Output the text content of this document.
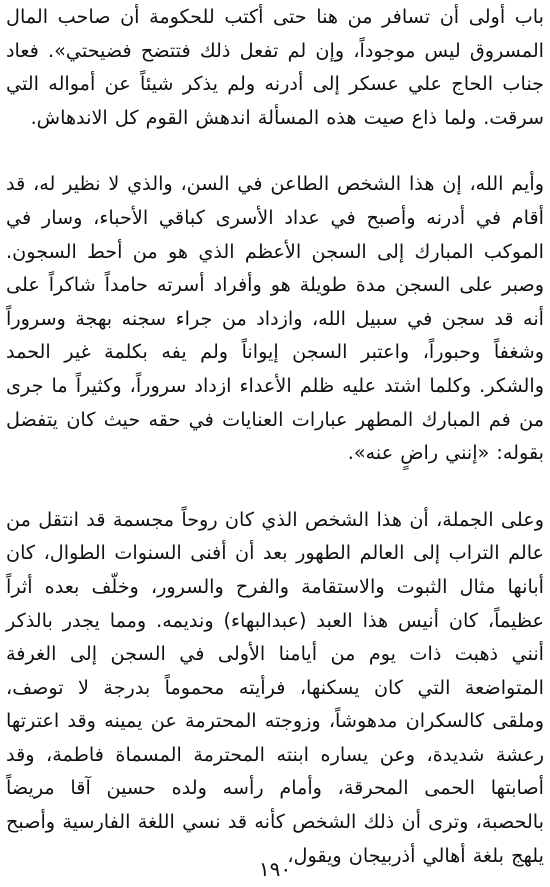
باب أولى أن تسافر من هنا حتى أكتب للحكومة أن صاحب المال المسروق ليس موجوداً، وإن لم تفعل ذلك فتتضح فضيحتي». فعاد جناب الحاج علي عسكر إلى أدرنه ولم يذكر شيئاً عن أمواله التي سرقت. ولما ذاع صيت هذه المسألة اندهش القوم كل الاندهاش.

وأيم الله، إن هذا الشخص الطاعن في السن، والذي لا نظير له، قد أقام في أدرنه وأصبح في عداد الأسرى كباقي الأحباء، وسار في الموكب المبارك إلى السجن الأعظم الذي هو من أحط السجون. وصبر على السجن مدة طويلة هو وأفراد أسرته حامداً شاكراً على أنه قد سجن في سبيل الله، وازداد من جراء سجنه بهجة وسروراً وشغفاً وحبوراً، واعتبر السجن إيواناً ولم يفه بكلمة غير الحمد والشكر. وكلما اشتد عليه ظلم الأعداء ازداد سروراً، وكثيراً ما جرى من فم المبارك المطهر عبارات العنايات في حقه حيث كان يتفضل بقوله: «إنني راضٍ عنه».

وعلى الجملة، أن هذا الشخص الذي كان روحاً مجسمة قد انتقل من عالم التراب إلى العالم الطهور بعد أن أفنى السنوات الطوال، كان أبانها مثال الثبوت والاستقامة والفرح والسرور، وخلّف بعده أثراً عظيماً، كان أنيس هذا العبد (عبدالبهاء) ونديمه. ومما يجدر بالذكر أنني ذهبت ذات يوم من أيامنا الأولى في السجن إلى الغرفة المتواضعة التي كان يسكنها، فرأيته محموماً بدرجة لا توصف، وملقى كالسكران مدهوشاً، وزوجته المحترمة عن يمينه وقد اعترتها رعشة شديدة، وعن يساره ابنته المحترمة المسماة فاطمة، وقد أصابتها الحمى المحرقة، وأمام رأسه ولده حسين آقا مريضاً بالحصبة، وترى أن ذلك الشخص كأنه قد نسي اللغة الفارسية وأصبح يلهج بلغة أهالي أذربيجان ويقول،

١٩٠
